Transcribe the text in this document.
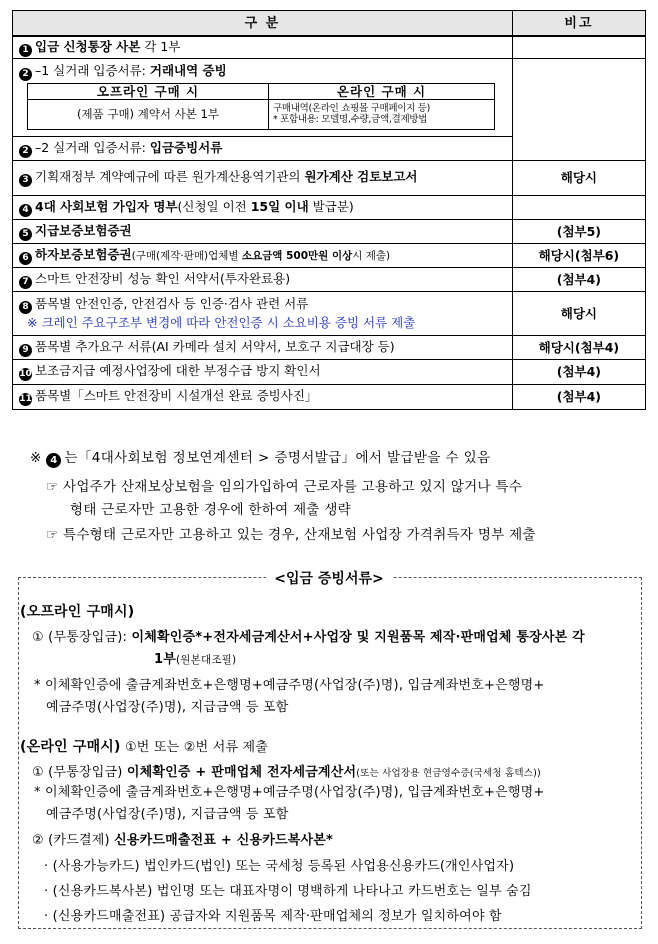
구 분	비고
1 입금 신청통장 사본 각 1부	

2 –1 실거래 입증서류: 거래내역 증빙
오프라인 구매 시	온라인 구매 시
(제품 구매) 계약서 사본 1부	구매내역(온라인 쇼핑몰 구매페이지 등)
* 포함내용: 모델명,수량,금액,결제방법

2 –2 실거래 입증서류: 입금증빙서류
3 기획재정부 계약예규에 따른 원가계산용역기관의 원가계산 검토보고서	해당시
4 4대 사회보험 가입자 명부(신청일 이전 15일 이내 발급분)	
5 지급보증보험증권	(첨부5)
6 하자보증보험증권(구매(제작·판매)업체별 소요금액 500만원 이상시 제출)	해당시(첨부6)
7 스마트 안전장비 성능 확인 서약서(투자완료용)	(첨부4)

8 품목별 안전인증, 안전검사 등 인증·검사 관련 서류
※ 크레인 주요구조부 변경에 따라 안전인증 시 소요비용 증빙 서류 제출
	해당시
9 품목별 추가요구 서류(AI 카메라 설치 서약서, 보호구 지급대장 등)	해당시(첨부4)
10 보조금지급 예정사업장에 대한 부정수급 방지 확인서	(첨부4)
11 품목별「스마트 안전장비 시설개선 완료 증빙사진」	(첨부4)
※ 4 는「4대사회보험 정보연계센터 > 증명서발급」에서 발급받을 수 있음
☞ 사업주가 산재보상보험을 임의가입하여 근로자를 고용하고 있지 않거나 특수
형태 근로자만 고용한 경우에 한하여 제출 생략
☞ 특수형태 근로자만 고용하고 있는 경우, 산재보험 사업장 가격취득자 명부 제출
<입금 증빙서류>
(오프라인 구매시)
① (무통장입금): 이체확인증*+전자세금계산서+사업장 및 지원품목 제작·판매업체 통장사본 각
1부(원본대조필)
* 이체확인증에 출금계좌번호+은행명+예금주명(사업장(주)명), 입금계좌번호+은행명+
예금주명(사업장(주)명), 지급금액 등 포함
(온라인 구매시) ①번 또는 ②번 서류 제출
① (무통장입금) 이체확인증 + 판매업체 전자세금계산서(또는 사업장용 현금영수증(국세청 홈텍스))
* 이체확인증에 출금계좌번호+은행명+예금주명(사업장(주)명), 입금계좌번호+은행명+
예금주명(사업장(주)명), 지급금액 등 포함
② (카드결제) 신용카드매출전표 + 신용카드복사본*
· (사용가능카드) 법인카드(법인) 또는 국세청 등록된 사업용신용카드(개인사업자)
· (신용카드복사본) 법인명 또는 대표자명이 명백하게 나타나고 카드번호는 일부 숨김
· (신용카드매출전표) 공급자와 지원품목 제작·판매업체의 정보가 일치하여야 함
